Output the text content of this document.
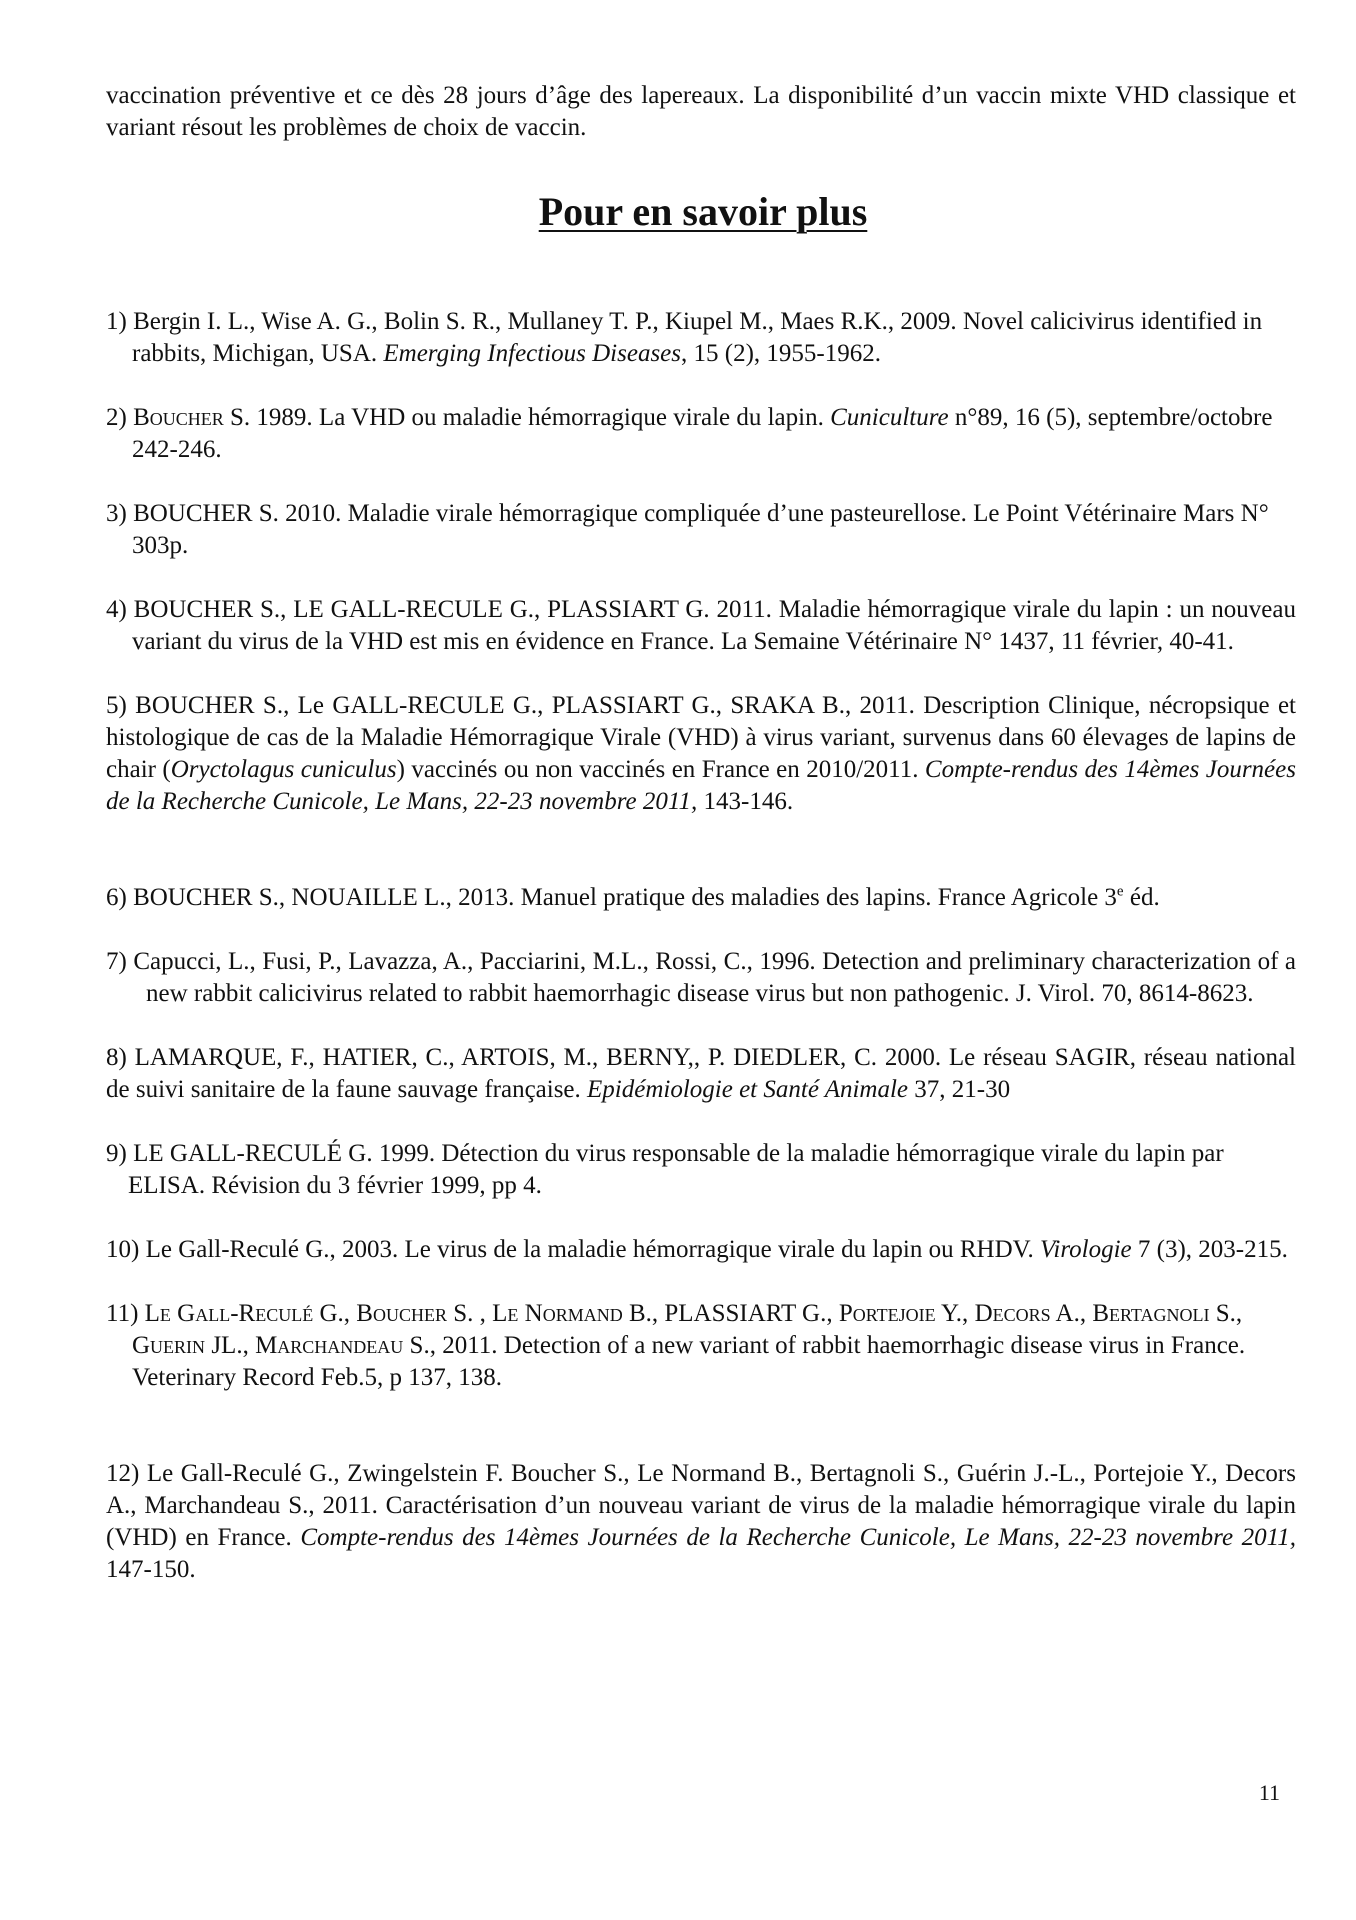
vaccination préventive et ce dès 28 jours d’âge des lapereaux. La disponibilité d’un vaccin mixte VHD classique et variant résout les problèmes de choix de vaccin.

Pour en savoir plus

1) Bergin I. L., Wise A. G., Bolin S. R., Mullaney T. P., Kiupel M., Maes R.K., 2009. Novel calicivirus identified in rabbits, Michigan, USA. Emerging Infectious Diseases, 15 (2), 1955-1962.

2) Boucher S. 1989. La VHD ou maladie hémorragique virale du lapin. Cuniculture n°89, 16 (5), septembre/octobre 242-246.

3) BOUCHER S. 2010. Maladie virale hémorragique compliquée d’une pasteurellose. Le Point Vétérinaire Mars N° 303p.

4) BOUCHER S., LE GALL-RECULE G., PLASSIART G. 2011. Maladie hémorragique virale du lapin : un nouveau variant du virus de la VHD est mis en évidence en France. La Semaine Vétérinaire N° 1437, 11 février, 40-41.

5) BOUCHER S., Le GALL-RECULE G., PLASSIART G., SRAKA B., 2011. Description Clinique, nécropsique et histologique de cas de la Maladie Hémorragique Virale (VHD) à virus variant, survenus dans 60 élevages de lapins de chair (Oryctolagus cuniculus) vaccinés ou non vaccinés en France en 2010/2011. Compte-rendus des 14èmes Journées de la Recherche Cunicole, Le Mans, 22-23 novembre 2011, 143-146.

6) BOUCHER S., NOUAILLE L., 2013. Manuel pratique des maladies des lapins. France Agricole 3e éd.

7) Capucci, L., Fusi, P., Lavazza, A., Pacciarini, M.L., Rossi, C., 1996. Detection and preliminary characterization of a new rabbit calicivirus related to rabbit haemorrhagic disease virus but non pathogenic. J. Virol. 70, 8614-8623.

8) LAMARQUE, F., HATIER, C., ARTOIS, M., BERNY,, P. DIEDLER, C. 2000. Le réseau SAGIR, réseau national de suivi sanitaire de la faune sauvage française. Epidémiologie et Santé Animale 37, 21-30

9) LE GALL-RECULÉ G. 1999. Détection du virus responsable de la maladie hémorragique virale du lapin par ELISA. Révision du 3 février 1999, pp 4.

10) Le Gall-Reculé G., 2003. Le virus de la maladie hémorragique virale du lapin ou RHDV. Virologie 7 (3), 203-215.

11) Le Gall-Reculé G., Boucher S. , Le Normand B., PLASSIART G., Portejoie Y., Decors A., Bertagnoli S., Guerin JL., Marchandeau S., 2011. Detection of a new variant of rabbit haemorrhagic disease virus in France. Veterinary Record Feb.5, p 137, 138.

12) Le Gall-Reculé G., Zwingelstein F. Boucher S., Le Normand B., Bertagnoli S., Guérin J.-L., Portejoie Y., Decors A., Marchandeau S., 2011. Caractérisation d’un nouveau variant de virus de la maladie hémorragique virale du lapin (VHD) en France. Compte-rendus des 14èmes Journées de la Recherche Cunicole, Le Mans, 22-23 novembre 2011, 147-150.

11
